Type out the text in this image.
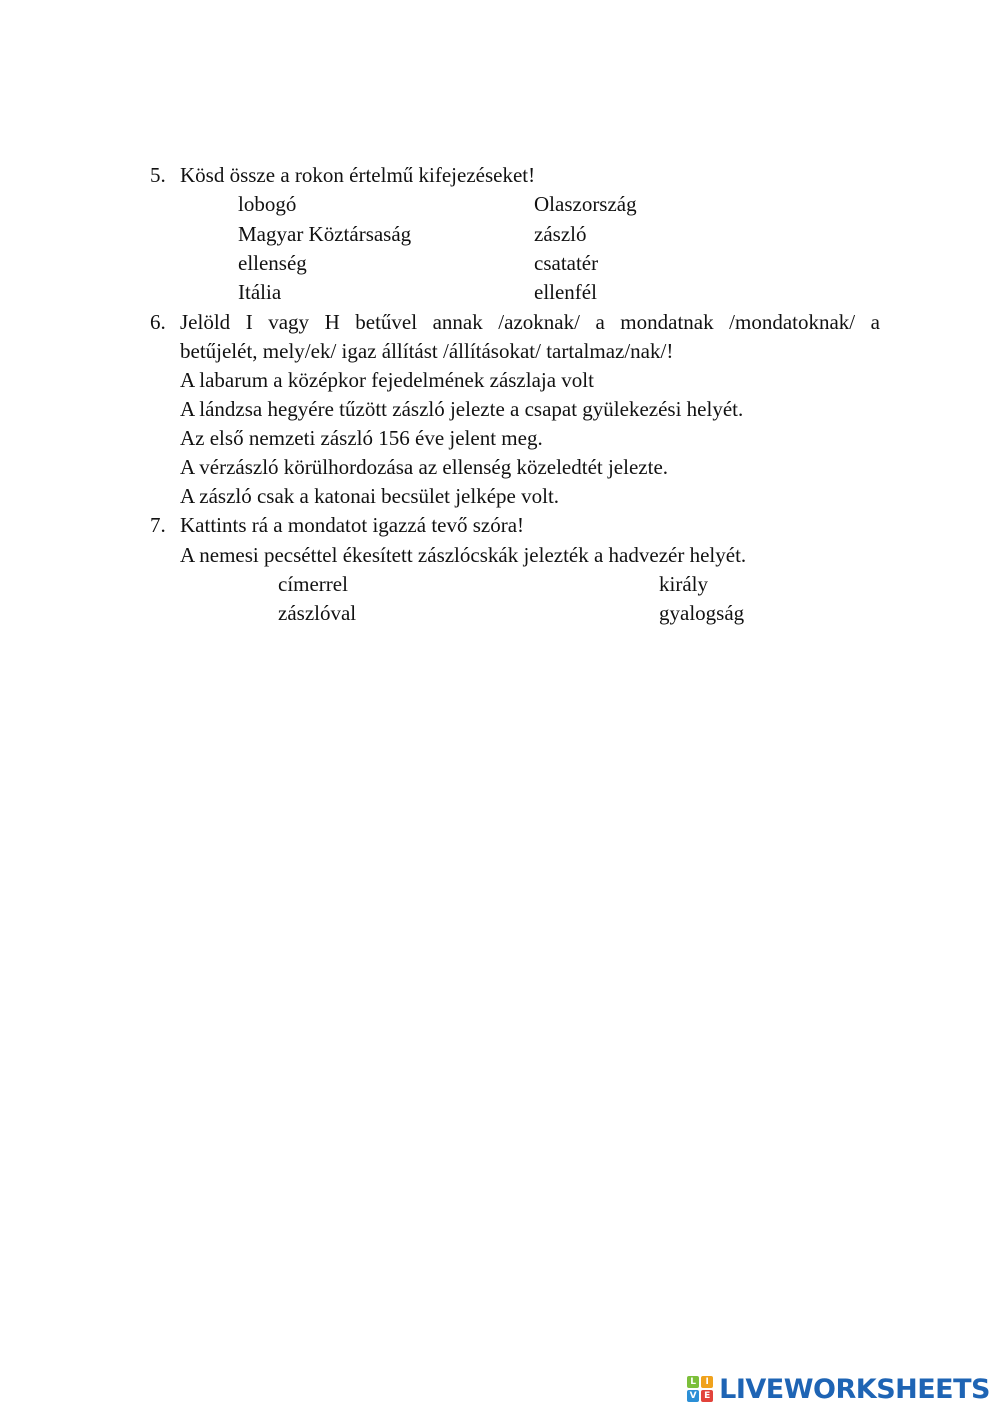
5. Kösd össze a rokon értelmű kifejezéseket!
lobogó	Olaszország
Magyar Köztársaság	zászló
ellenség	csatatér
Itália	ellenfél
6. Jelöld I vagy H betűvel annak /azoknak/ a mondatnak /mondatoknak/ a
betűjelét, mely/ek/ igaz állítást /állításokat/ tartalmaz/nak/!
A labarum a középkor fejedelmének zászlaja volt
A lándzsa hegyére tűzött zászló jelezte a csapat gyülekezési helyét.
Az első nemzeti zászló 156 éve jelent meg.
A vérzászló körülhordozása az ellenség közeledtét jelezte.
A zászló csak a katonai becsület jelképe volt.
7. Kattints rá a mondatot igazzá tevő szóra!
A nemesi pecséttel ékesített zászlócskák jelezték a hadvezér helyét.
címerrel	király
zászlóval	gyalogság
L	I
V E LIVEWORKSHEETS
